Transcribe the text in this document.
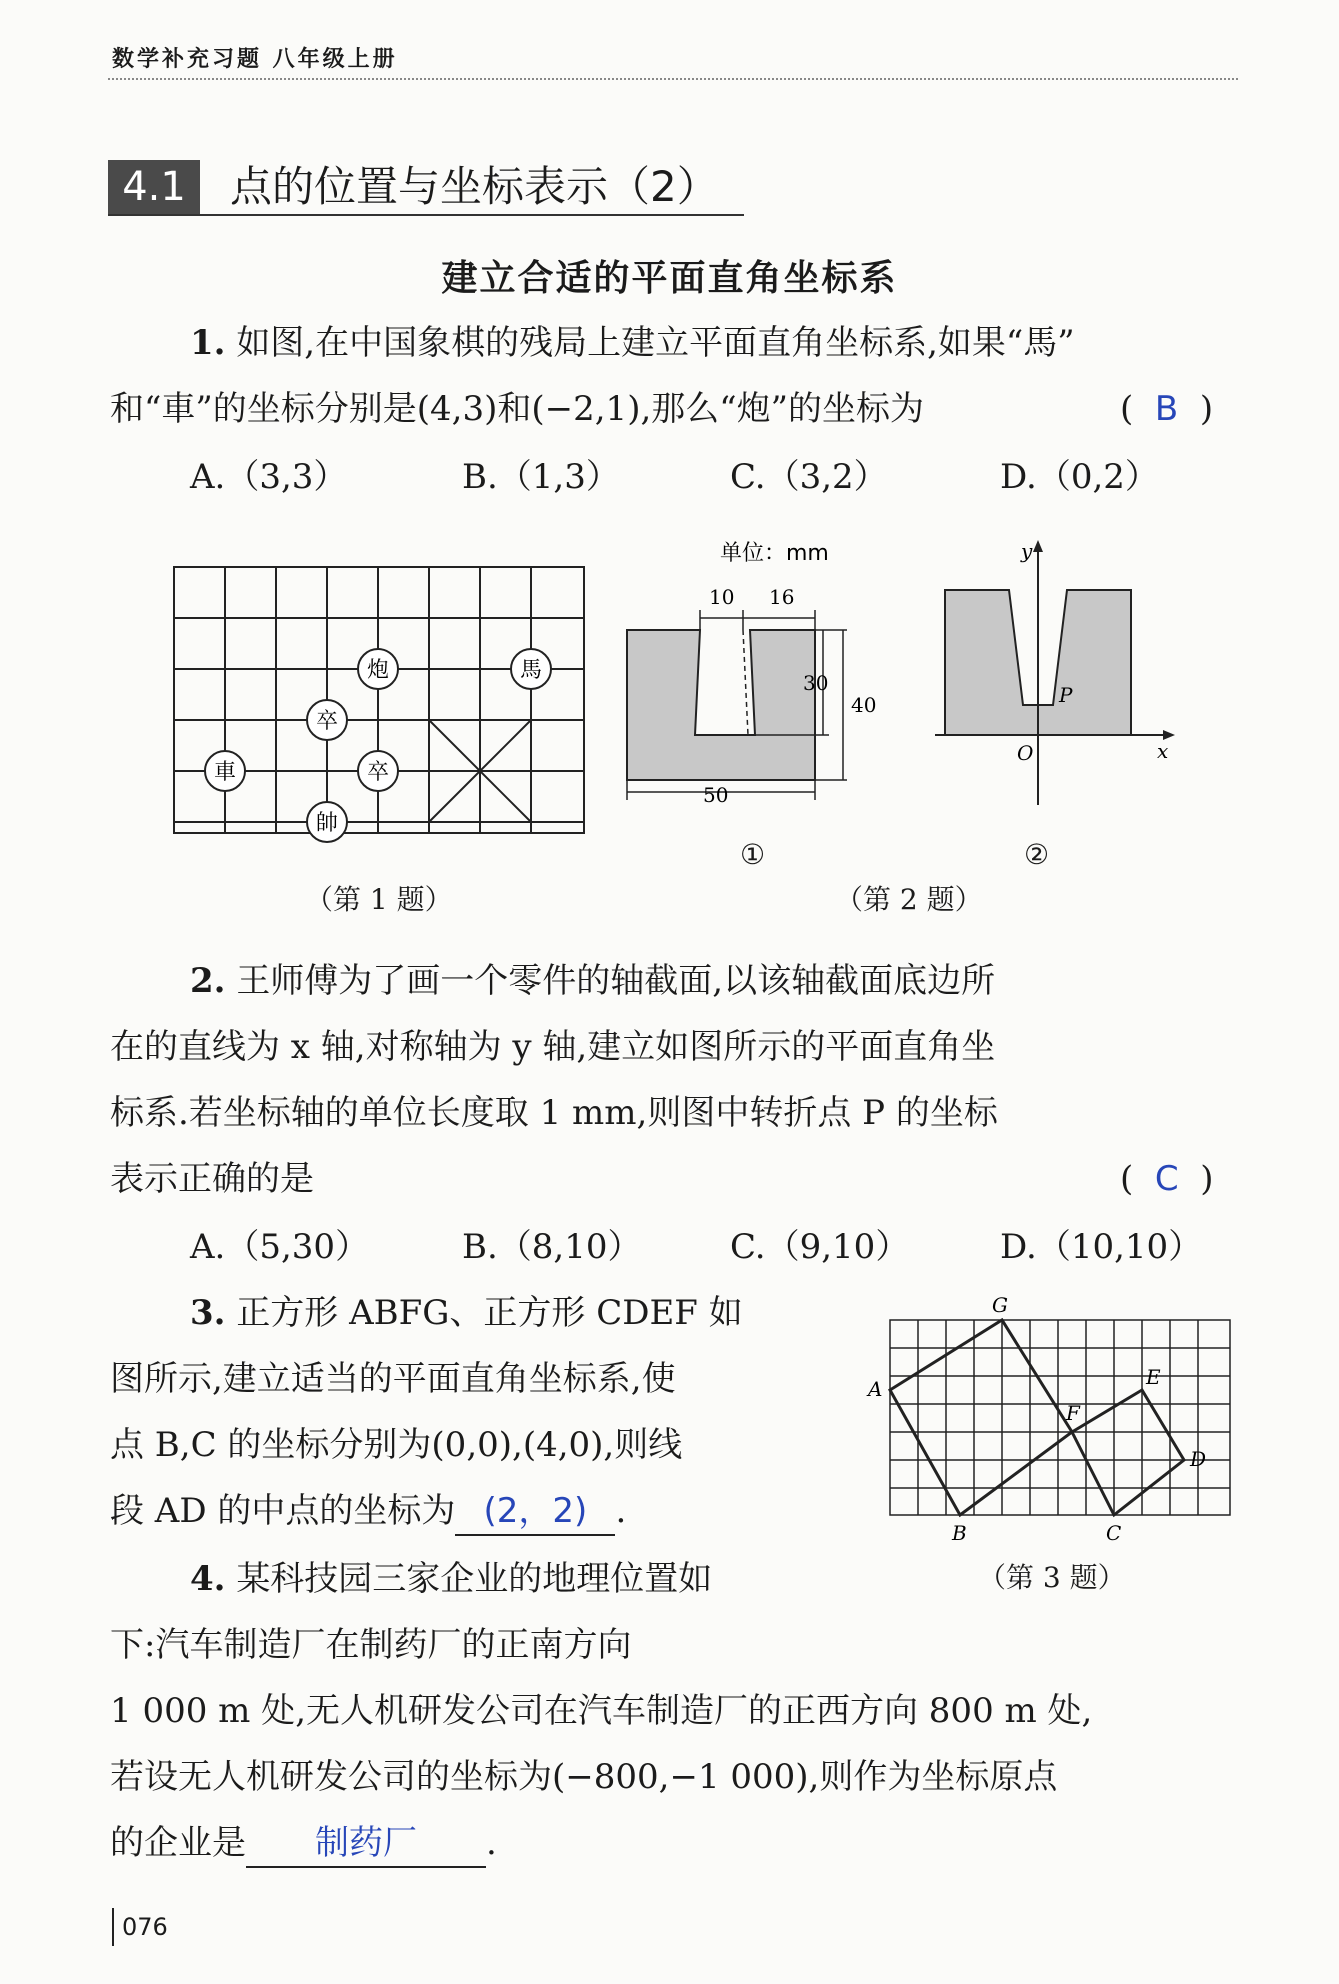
数学补充习题 八年级上册
4.1	点的位置与坐标表示（2）
建立合适的平面直角坐标系
1. 如图,在中国象棋的残局上建立平面直角坐标系,如果“馬”
和“車”的坐标分别是(4,3)和(−2,1),那么“炮”的坐标为	(  B  )
A.（3,3）	B.（1,3）	C.（3,2）	D.（0,2）
炮	馬
卒
車	卒
帥
（第 1 题）
单位：mm
10 16
30
40
50
①
y
x
O
P
②
（第 2 题）
2. 王师傅为了画一个零件的轴截面,以该轴截面底边所
在的直线为 x 轴,对称轴为 y 轴,建立如图所示的平面直角坐
标系.若坐标轴的单位长度取 1 mm,则图中转折点 P 的坐标
表示正确的是	(  C  )
A.（5,30）	B.（8,10）	C.（9,10）	D.（10,10）
3. 正方形 ABFG、正方形 CDEF 如
图所示,建立适当的平面直角坐标系,使
点 B,C 的坐标分别为(0,0),(4,0),则线
段 AD 的中点的坐标为 (2，2) .
G
A	E
F
D
B	C
（第 3 题）
4. 某科技园三家企业的地理位置如
下:汽车制造厂在制药厂的正南方向
1 000 m 处,无人机研发公司在汽车制造厂的正西方向 800 m 处,
若设无人机研发公司的坐标为(−800,−1 000),则作为坐标原点
的企业是 制药厂 .
076
